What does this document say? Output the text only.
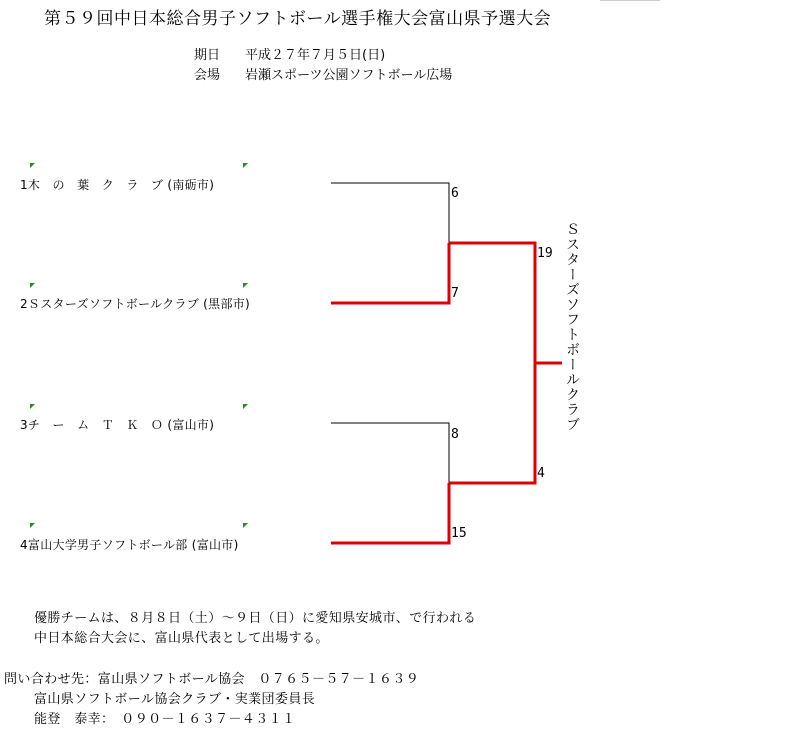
第５９回中日本総合男子ソフトボール選手権大会富山県予選大会
期日 平成２７年７月５日(日)
会場 岩瀬スポーツ公園ソフトボール広場
1木　の　葉　ク　ラ　ブ (南砺市)
2Ｓスターズソフトボールクラブ (黒部市)
3チ　ー　ム　Ｔ　Ｋ　Ｏ (富山市)
4富山大学男子ソフトボール部 (富山市)
6
7
8
15
19
4
Ｓスターズソフトボールクラブ
優勝チームは、８月８日（土）～９日（日）に愛知県安城市、で行われる
中日本総合大会に、富山県代表として出場する。
問い合わせ先：富山県ソフトボール協会　０７６５－５７－１６３９
富山県ソフトボール協会クラブ・実業団委員長
能登　泰幸：　０９０－１６３７－４３１１
